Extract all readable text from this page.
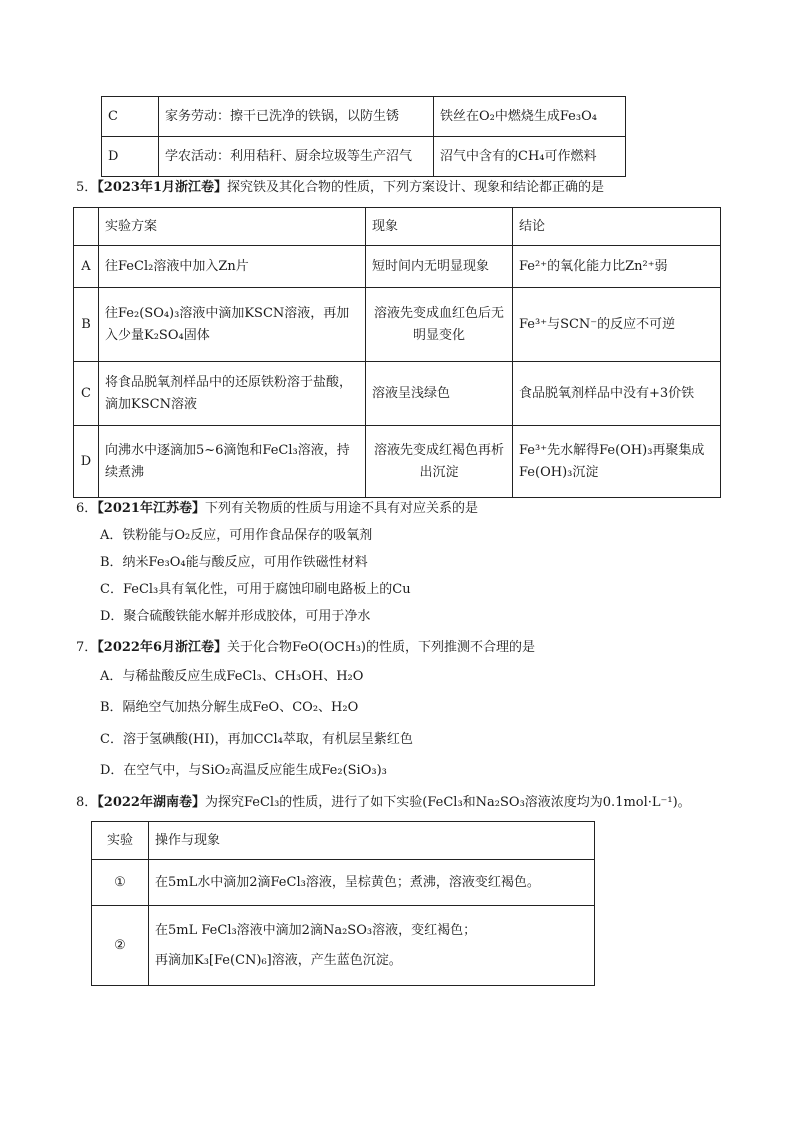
C	家务劳动：擦干已洗净的铁锅，以防生锈	铁丝在O₂中燃烧生成Fe₃O₄
D	学农活动：利用秸秆、厨余垃圾等生产沼气	沼气中含有的CH₄可作燃料
5．【2023年1月浙江卷】探究铁及其化合物的性质，下列方案设计、现象和结论都正确的是
	实验方案	现象	结论
A	往FeCl₂溶液中加入Zn片	短时间内无明显现象	Fe²⁺的氧化能力比Zn²⁺弱
B	往Fe₂(SO₄)₃溶液中滴加KSCN溶液，再加入少量K₂SO₄固体	溶液先变成血红色后无明显变化	Fe³⁺与SCN⁻的反应不可逆
C	将食品脱氧剂样品中的还原铁粉溶于盐酸，滴加KSCN溶液	溶液呈浅绿色	食品脱氧剂样品中没有+3价铁
D	向沸水中逐滴加5~6滴饱和FeCl₃溶液，持续煮沸	溶液先变成红褐色再析出沉淀	Fe³⁺先水解得Fe(OH)₃再聚集成Fe(OH)₃沉淀
6．【2021年江苏卷】下列有关物质的性质与用途不具有对应关系的是
A．铁粉能与O₂反应，可用作食品保存的吸氧剂
B．纳米Fe₃O₄能与酸反应，可用作铁磁性材料
C．FeCl₃具有氧化性，可用于腐蚀印刷电路板上的Cu
D．聚合硫酸铁能水解并形成胶体，可用于净水
7．【2022年6月浙江卷】关于化合物FeO(OCH₃)的性质，下列推测不合理的是
A．与稀盐酸反应生成FeCl₃、CH₃OH、H₂O
B．隔绝空气加热分解生成FeO、CO₂、H₂O
C．溶于氢碘酸(HI)，再加CCl₄萃取，有机层呈紫红色
D．在空气中，与SiO₂高温反应能生成Fe₂(SiO₃)₃
8．【2022年湖南卷】为探究FeCl₃的性质，进行了如下实验(FeCl₃和Na₂SO₃溶液浓度均为0.1mol·L⁻¹)。
实验	操作与现象
①	在5mL水中滴加2滴FeCl₃溶液，呈棕黄色；煮沸，溶液变红褐色。

②	在5mL FeCl₃溶液中滴加2滴Na₂SO₃溶液，变红褐色；
再滴加K₃[Fe(CN)₆]溶液，产生蓝色沉淀。
